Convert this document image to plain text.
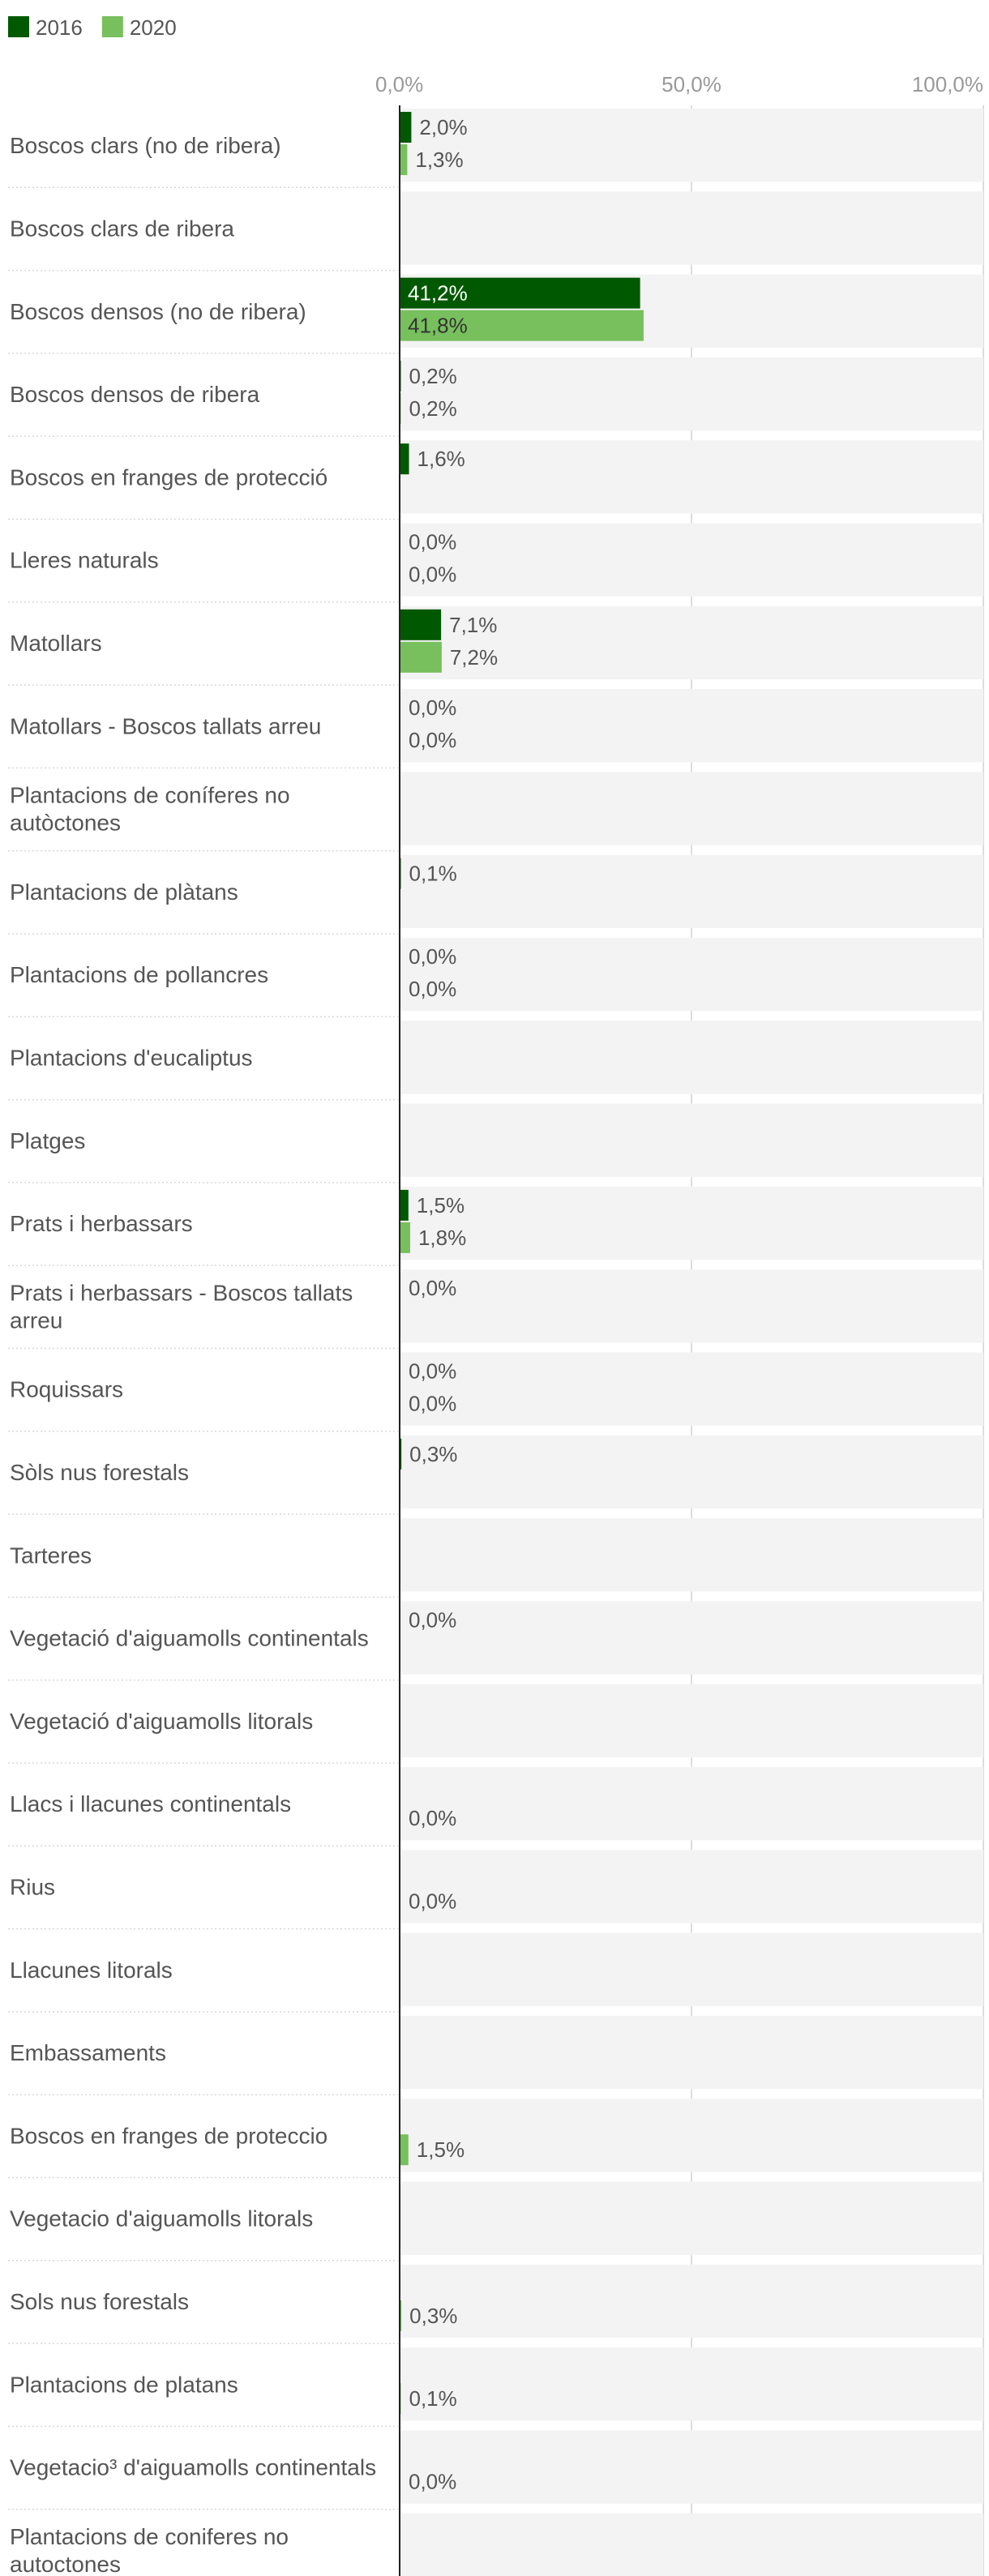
2016 2020
0,0%	50,0%	100,0%
Boscos clars (no de ribera)
2,0%
1,3%
Boscos clars de ribera
Boscos densos (no de ribera)
41,2%
41,8%
Boscos densos de ribera
0,2%
0,2%
Boscos en franges de protecció
1,6%
Lleres naturals
0,0%
0,0%
Matollars
7,1%
7,2%
Matollars - Boscos tallats arreu
0,0%
0,0%
Plantacions de coníferes no
autòctones
Plantacions de plàtans
0,1%
Plantacions de pollancres
0,0%
0,0%
Plantacions d'eucaliptus
Platges
Prats i herbassars
1,5%
1,8%
Prats i herbassars - Boscos tallats
arreu
0,0%
Roquissars
0,0%
0,0%
Sòls nus forestals
0,3%
Tarteres
Vegetació d'aiguamolls continentals
0,0%
Vegetació d'aiguamolls litorals
Llacs i llacunes continentals
0,0%
Rius
0,0%
Llacunes litorals
Embassaments
Boscos en franges de proteccio
1,5%
Vegetacio d'aiguamolls litorals
Sols nus forestals
0,3%
Plantacions de platans
0,1%
Vegetacio³ d'aiguamolls continentals
0,0%
Plantacions de coniferes no
autoctones
